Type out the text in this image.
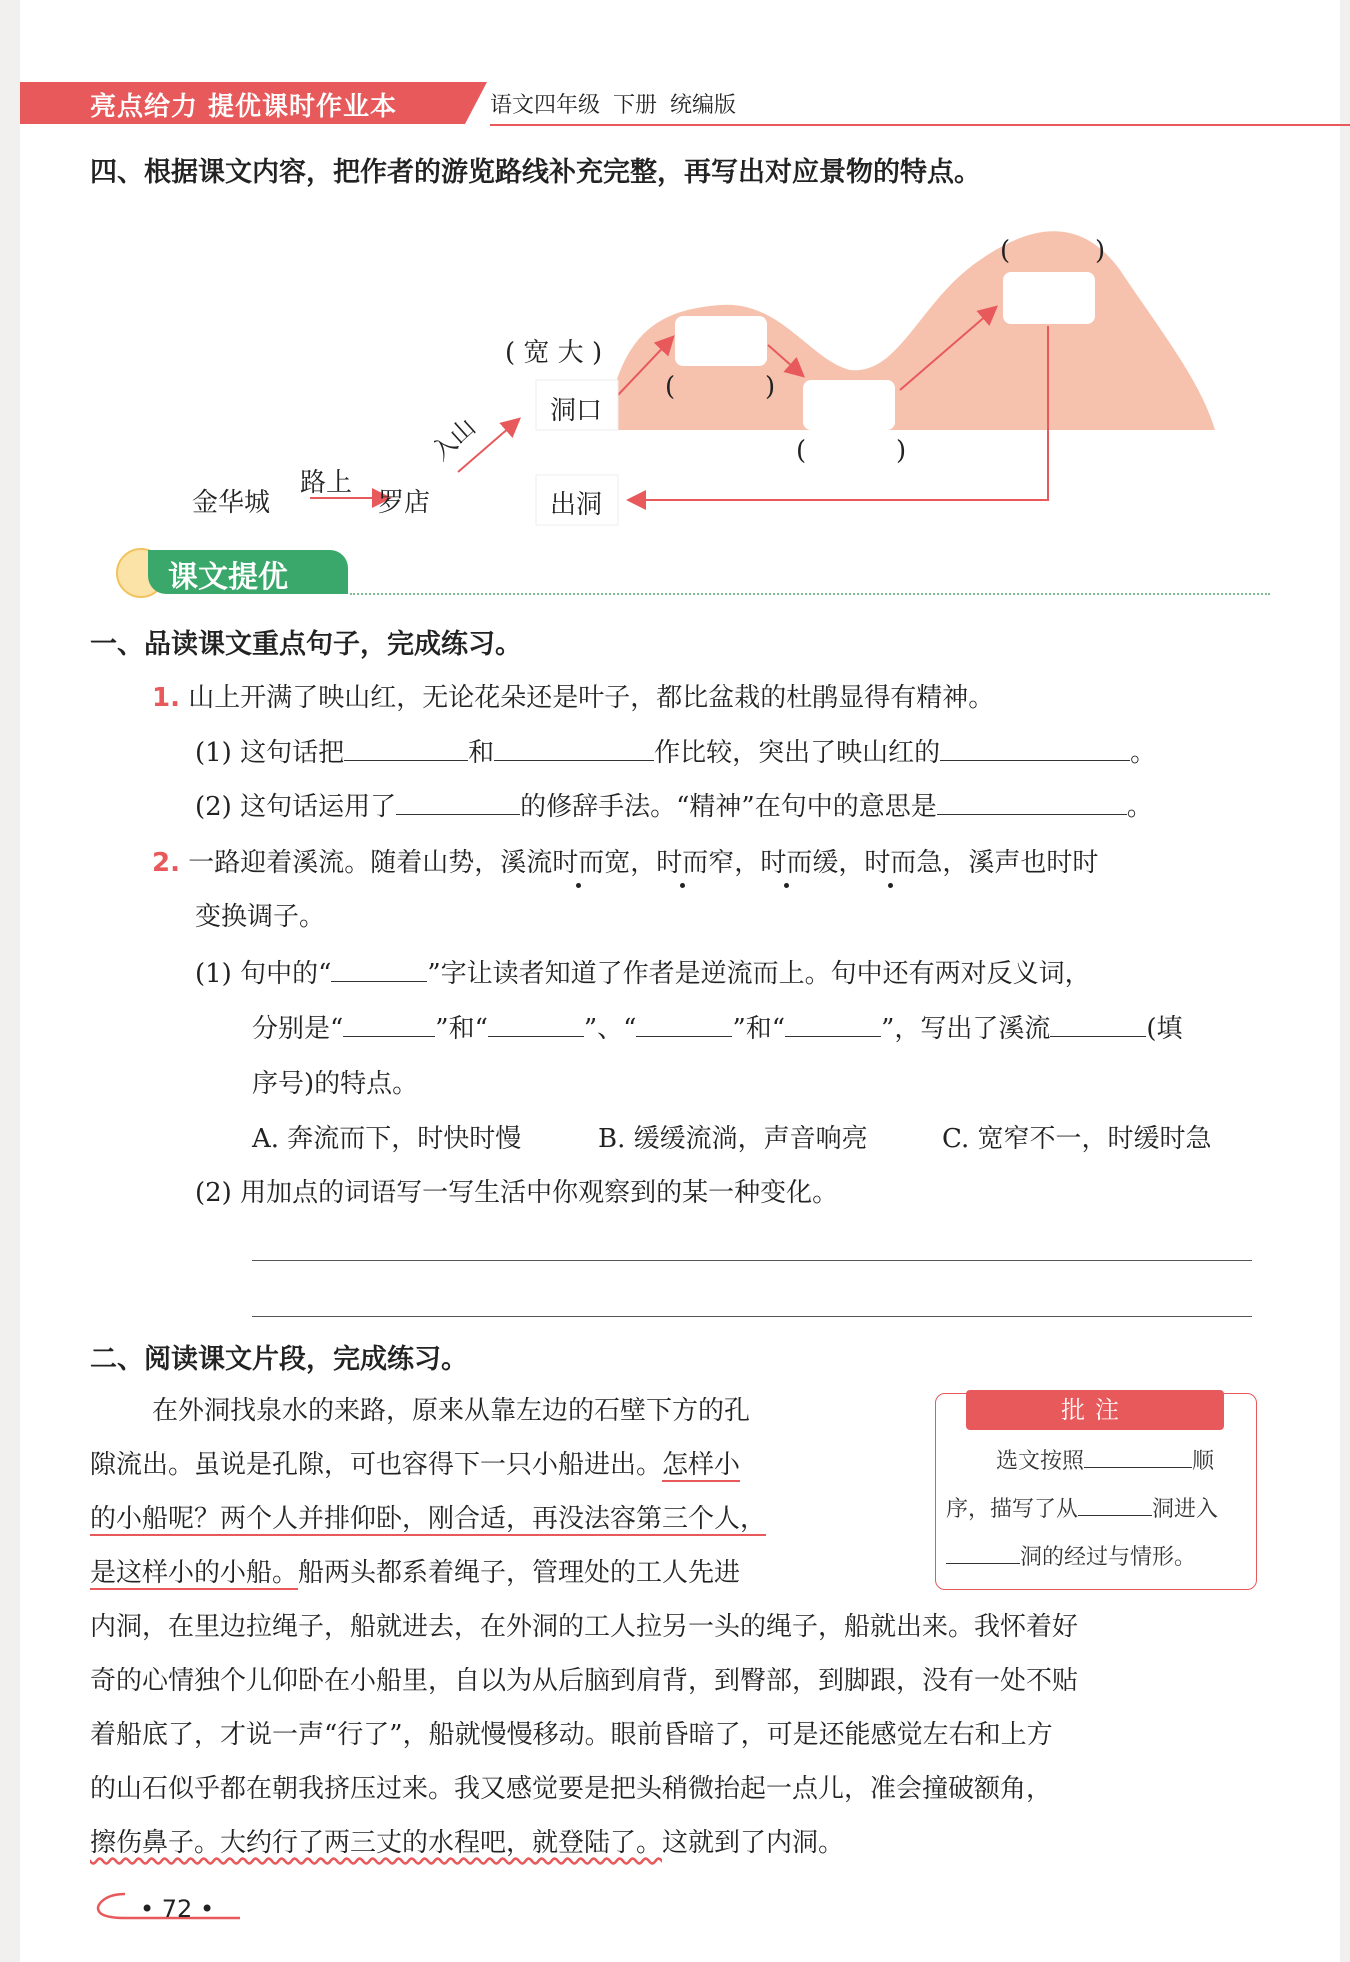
亮点给力 提优课时作业本	语文四年级 下册 统编版
四、根据课文内容，把作者的游览路线补充完整，再写出对应景物的特点。
金华城
路上
罗店
入山
( 宽 大 )
洞口
出洞
(	)
(	)
(	)
课文提优
一、品读课文重点句子，完成练习。
1. 山上开满了映山红，无论花朵还是叶子，都比盆栽的杜鹃显得有精神。
(1) 这句话把	和	作比较，突出了映山红的	。
(2) 这句话运用了	的修辞手法。“精神”在句中的意思是	。
2. 一路迎着溪流。随着山势，溪流时而宽，时而窄，时而缓，时而急，溪声也时时
变换调子。
(1) 句中的“	”字让读者知道了作者是逆流而上。句中还有两对反义词，
分别是“	”和“	”、“	”和“	”，写出了溪流	(填
序号)的特点。
A. 奔流而下，时快时慢	B. 缓缓流淌，声音响亮	C. 宽窄不一，时缓时急
(2) 用加点的词语写一写生活中你观察到的某一种变化。
二、阅读课文片段，完成练习。
在外洞找泉水的来路，原来从靠左边的石壁下方的孔
隙流出。虽说是孔隙，可也容得下一只小船进出。怎样小
的小船呢？两个人并排仰卧，刚合适，再没法容第三个人，
是这样小的小船。船两头都系着绳子，管理处的工人先进
内洞，在里边拉绳子，船就进去，在外洞的工人拉另一头的绳子，船就出来。我怀着好
奇的心情独个儿仰卧在小船里，自以为从后脑到肩背，到臀部，到脚跟，没有一处不贴
着船底了，才说一声“行了”，船就慢慢移动。眼前昏暗了，可是还能感觉左右和上方
的山石似乎都在朝我挤压过来。我又感觉要是把头稍微抬起一点儿，准会撞破额角，
擦伤鼻子。大约行了两三丈的水程吧，就登陆了。这就到了内洞。
批注
选文按照	顺
序，描写了从	洞进入
洞的经过与情形。
• 72 •
